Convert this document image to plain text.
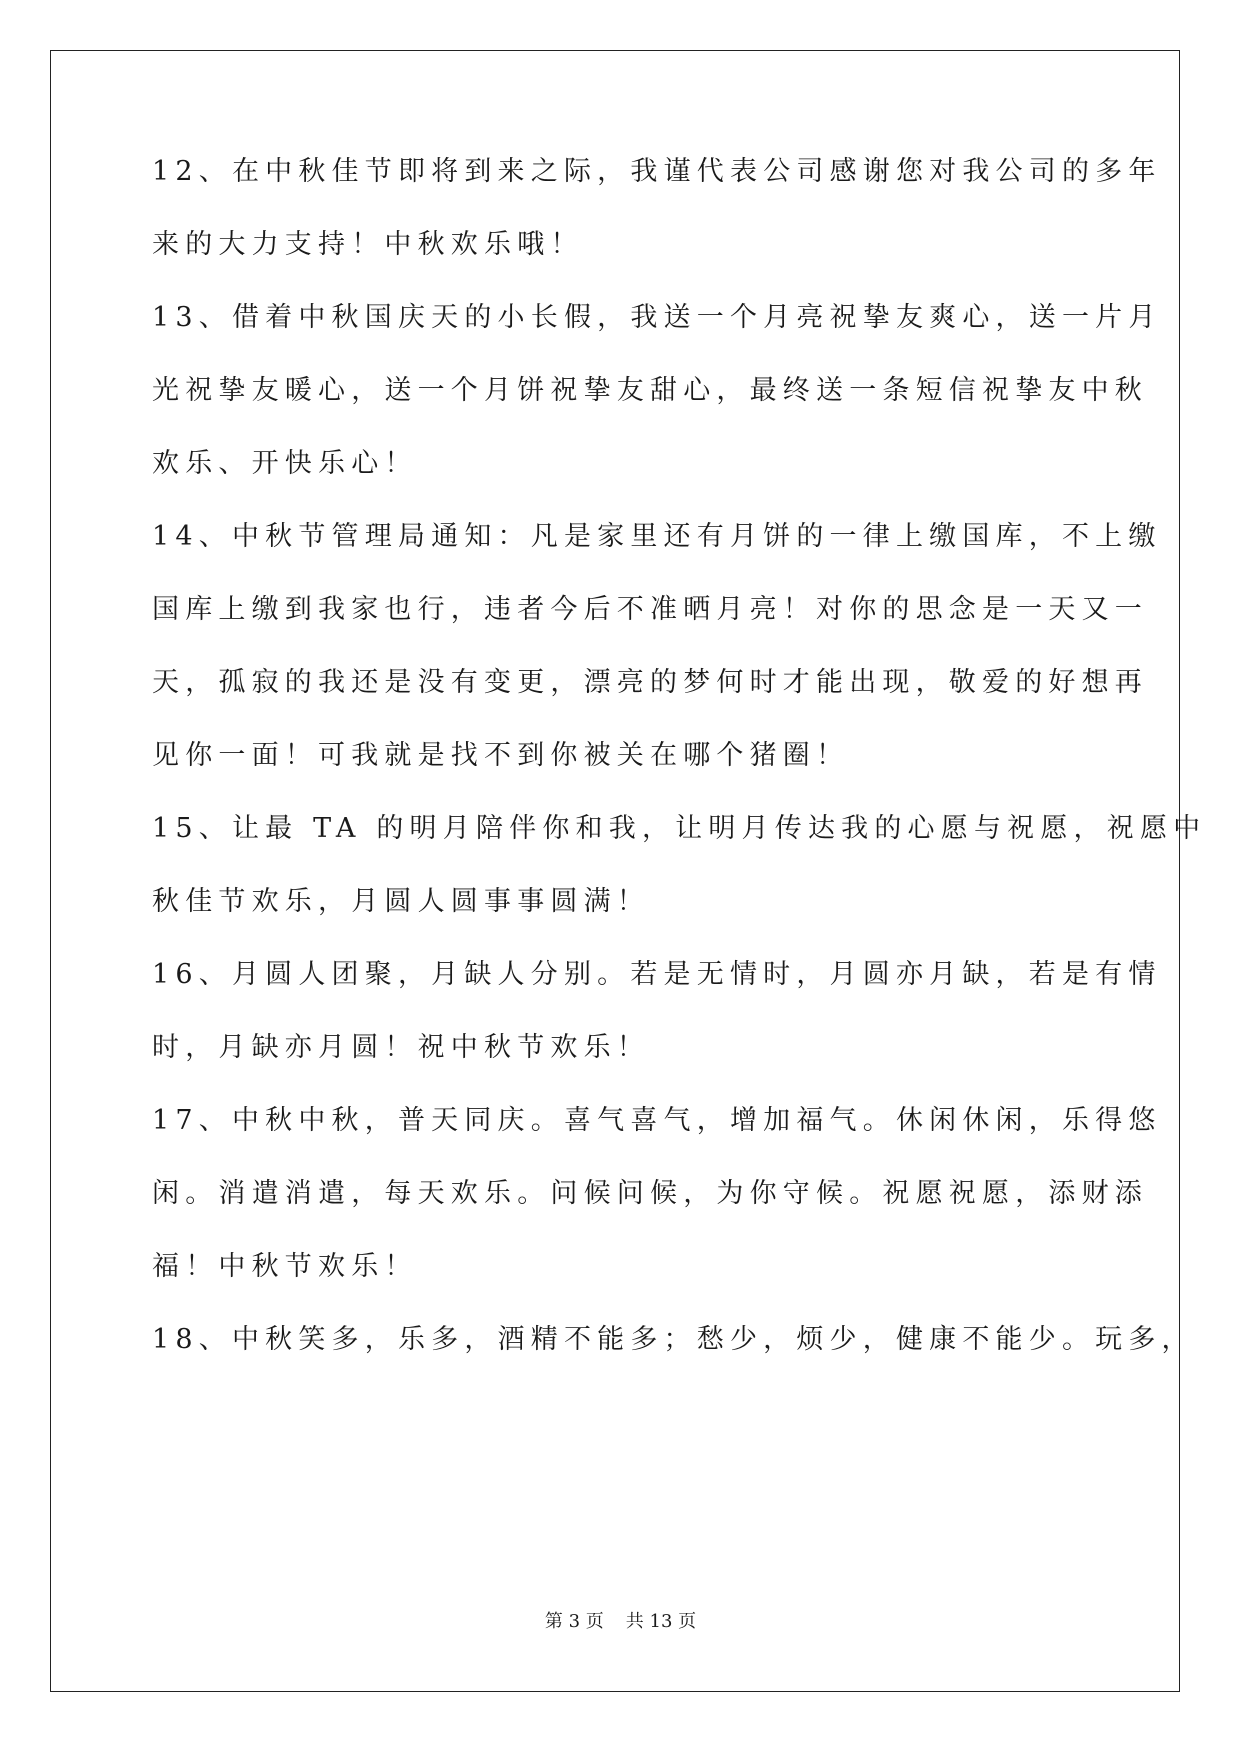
12、在中秋佳节即将到来之际，我谨代表公司感谢您对我公司的多年
来的大力支持！中秋欢乐哦！
13、借着中秋国庆天的小长假，我送一个月亮祝挚友爽心，送一片月
光祝挚友暖心，送一个月饼祝挚友甜心，最终送一条短信祝挚友中秋
欢乐、开快乐心！
14、中秋节管理局通知：凡是家里还有月饼的一律上缴国库，不上缴
国库上缴到我家也行，违者今后不准晒月亮！对你的思念是一天又一
天，孤寂的我还是没有变更，漂亮的梦何时才能出现，敬爱的好想再
见你一面！可我就是找不到你被关在哪个猪圈！
15、让最 TA 的明月陪伴你和我，让明月传达我的心愿与祝愿，祝愿中
秋佳节欢乐，月圆人圆事事圆满！
16、月圆人团聚，月缺人分别。若是无情时，月圆亦月缺，若是有情
时，月缺亦月圆！祝中秋节欢乐！
17、中秋中秋，普天同庆。喜气喜气，增加福气。休闲休闲，乐得悠
闲。消遣消遣，每天欢乐。问候问候，为你守候。祝愿祝愿，添财添
福！中秋节欢乐！
18、中秋笑多，乐多，酒精不能多；愁少，烦少，健康不能少。玩多，
第 3 页 共 13 页
